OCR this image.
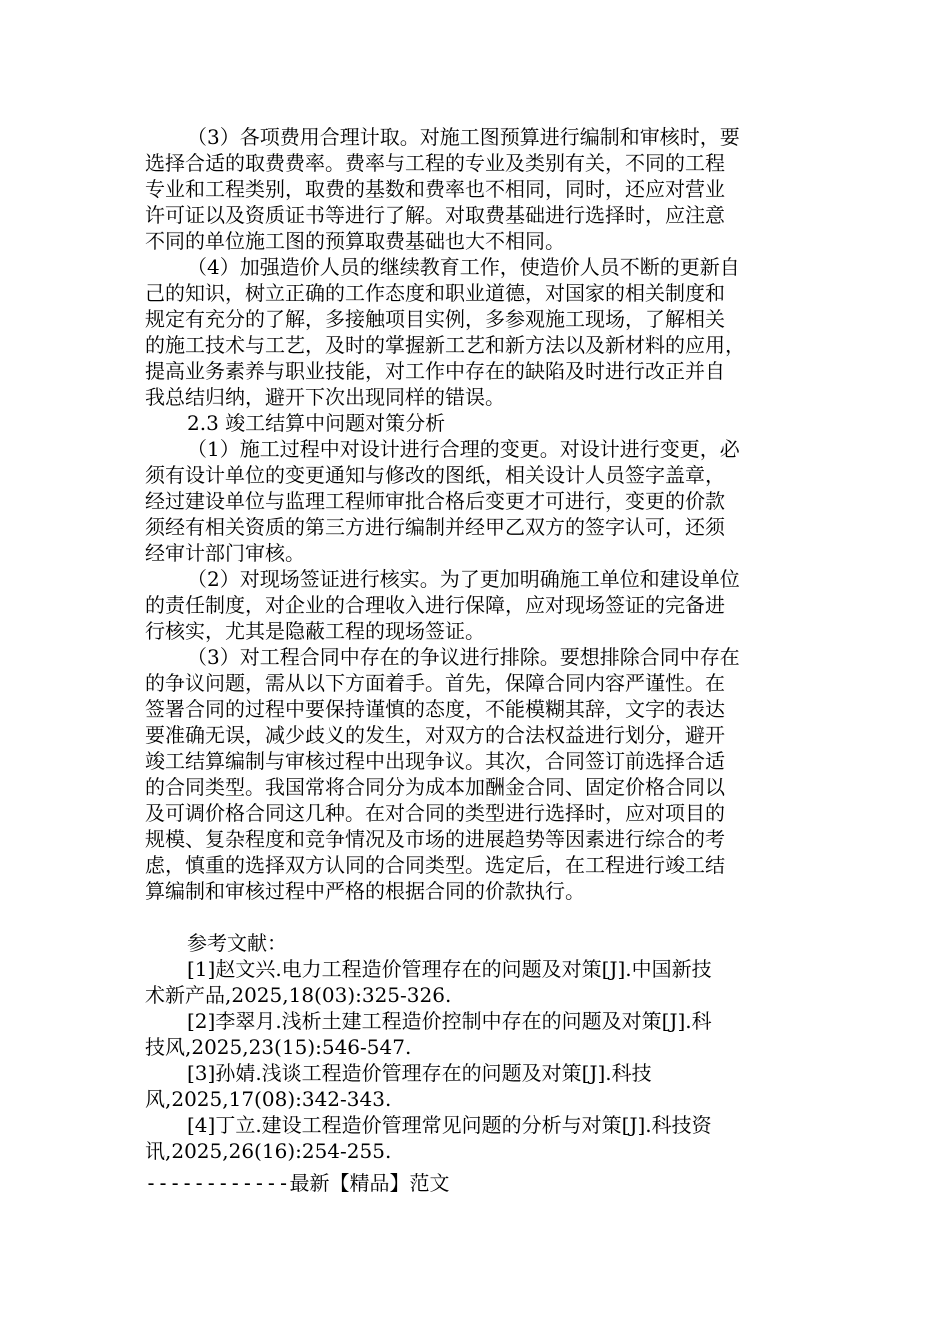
（3）各项费用合理计取。对施工图预算进行编制和审核时，要
选择合适的取费费率。费率与工程的专业及类别有关，不同的工程
专业和工程类别，取费的基数和费率也不相同，同时，还应对营业
许可证以及资质证书等进行了解。对取费基础进行选择时，应注意
不同的单位施工图的预算取费基础也大不相同。
（4）加强造价人员的继续教育工作，使造价人员不断的更新自
己的知识，树立正确的工作态度和职业道德，对国家的相关制度和
规定有充分的了解，多接触项目实例，多参观施工现场，了解相关
的施工技术与工艺，及时的掌握新工艺和新方法以及新材料的应用，
提高业务素养与职业技能，对工作中存在的缺陷及时进行改正并自
我总结归纳，避开下次出现同样的错误。
2.3 竣工结算中问题对策分析
（1）施工过程中对设计进行合理的变更。对设计进行变更，必
须有设计单位的变更通知与修改的图纸，相关设计人员签字盖章，
经过建设单位与监理工程师审批合格后变更才可进行，变更的价款
须经有相关资质的第三方进行编制并经甲乙双方的签字认可，还须
经审计部门审核。
（2）对现场签证进行核实。为了更加明确施工单位和建设单位
的责任制度，对企业的合理收入进行保障，应对现场签证的完备进
行核实，尤其是隐蔽工程的现场签证。
（3）对工程合同中存在的争议进行排除。要想排除合同中存在
的争议问题，需从以下方面着手。首先，保障合同内容严谨性。在
签署合同的过程中要保持谨慎的态度，不能模糊其辞，文字的表达
要准确无误，减少歧义的发生，对双方的合法权益进行划分，避开
竣工结算编制与审核过程中出现争议。其次，合同签订前选择合适
的合同类型。我国常将合同分为成本加酬金合同、固定价格合同以
及可调价格合同这几种。在对合同的类型进行选择时，应对项目的
规模、复杂程度和竞争情况及市场的进展趋势等因素进行综合的考
虑，慎重的选择双方认同的合同类型。选定后，在工程进行竣工结
算编制和审核过程中严格的根据合同的价款执行。
参考文献：
[1]赵文兴.电力工程造价管理存在的问题及对策[J].中国新技
术新产品,2025,18(03):325-326.
[2]李翠月.浅析土建工程造价控制中存在的问题及对策[J].科
技风,2025,23(15):546-547.
[3]孙婧.浅谈工程造价管理存在的问题及对策[J].科技
风,2025,17(08):342-343.
[4]丁立.建设工程造价管理常见问题的分析与对策[J].科技资
讯,2025,26(16):254-255.
------------最新【精品】范文
